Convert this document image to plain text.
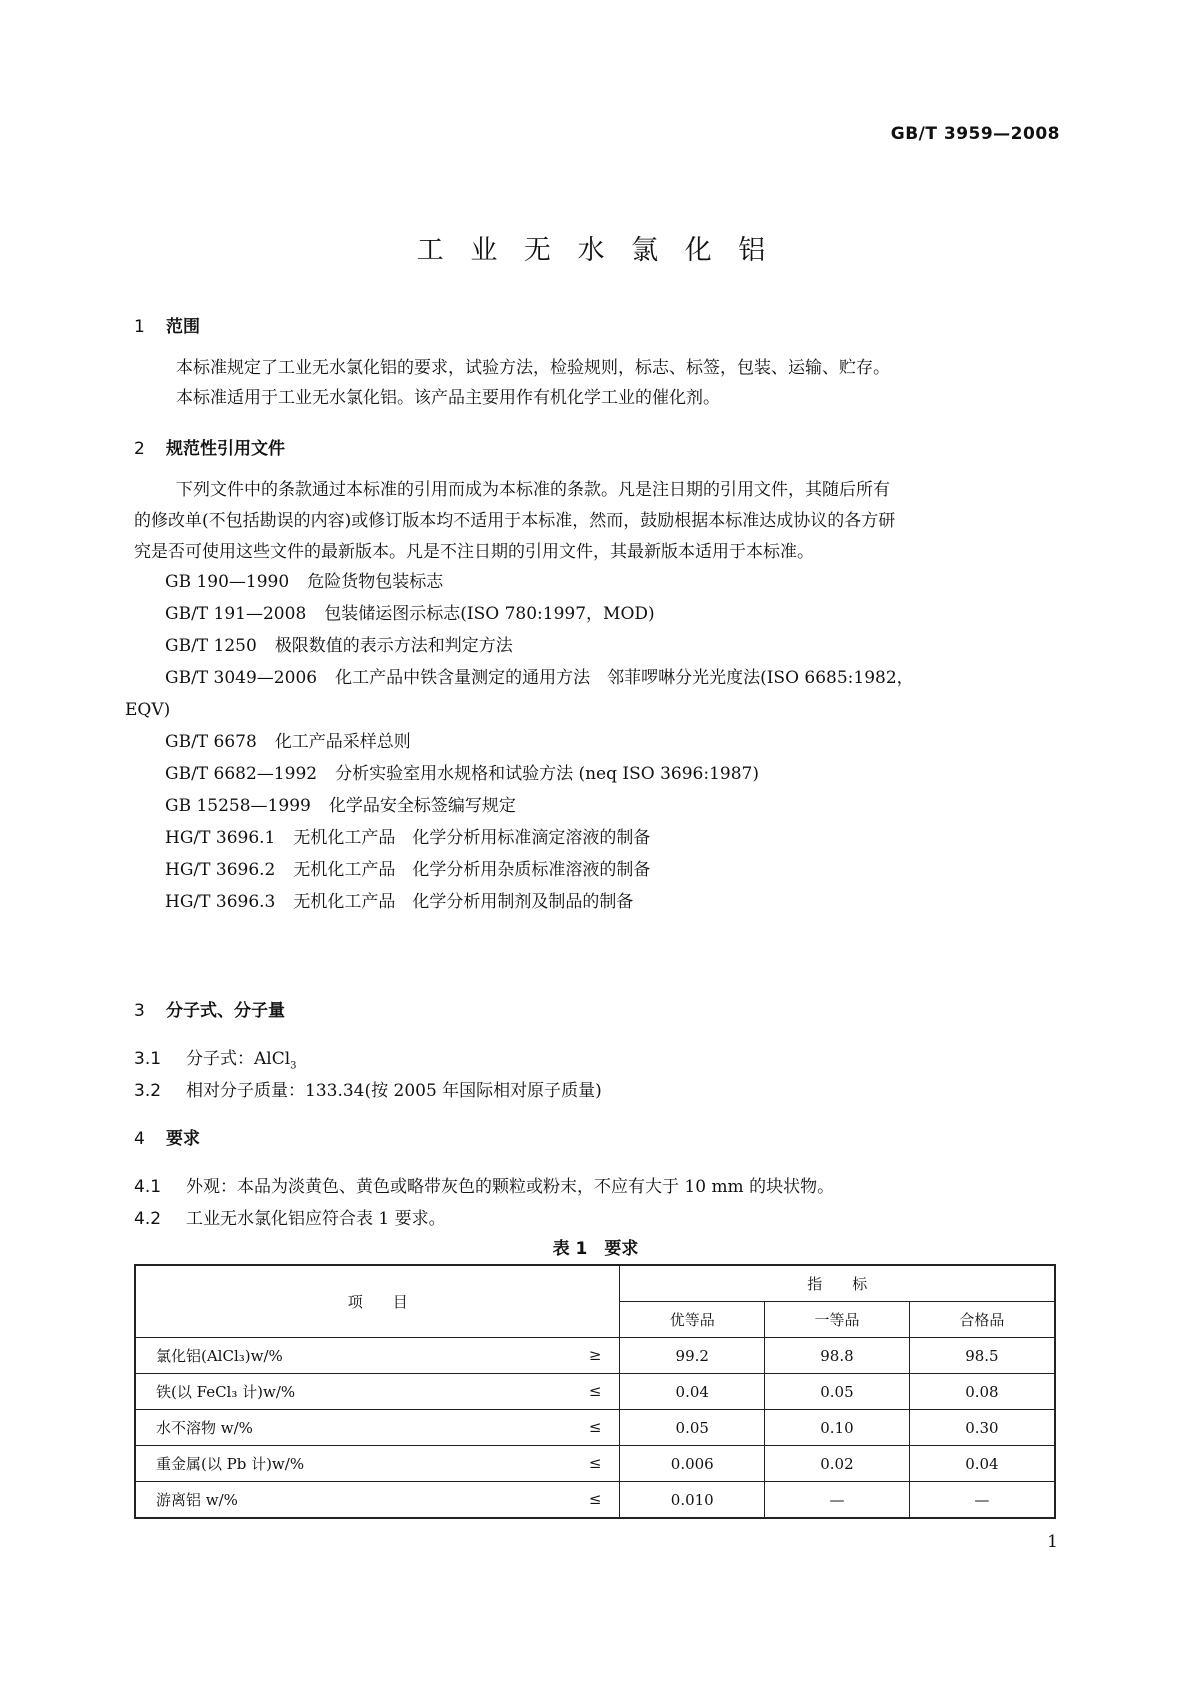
GB/T 3959—2008
工 业 无 水 氯 化 铝
1 范围
本标准规定了工业无水氯化铝的要求，试验方法，检验规则，标志、标签，包装、运输、贮存。
本标准适用于工业无水氯化铝。该产品主要用作有机化学工业的催化剂。
2 规范性引用文件
下列文件中的条款通过本标准的引用而成为本标准的条款。凡是注日期的引用文件，其随后所有
的修改单(不包括勘误的内容)或修订版本均不适用于本标准，然而，鼓励根据本标准达成协议的各方研
究是否可使用这些文件的最新版本。凡是不注日期的引用文件，其最新版本适用于本标准。
GB 190—1990 危险货物包装标志
GB/T 191—2008 包装储运图示标志(ISO 780:1997，MOD)
GB/T 1250 极限数值的表示方法和判定方法
GB/T 3049—2006 化工产品中铁含量测定的通用方法　邻菲啰啉分光光度法(ISO 6685:1982，
EQV)
GB/T 6678 化工产品采样总则
GB/T 6682—1992 分析实验室用水规格和试验方法 (neq ISO 3696:1987)
GB 15258—1999 化学品安全标签编写规定
HG/T 3696.1 无机化工产品　化学分析用标准滴定溶液的制备
HG/T 3696.2 无机化工产品　化学分析用杂质标准溶液的制备
HG/T 3696.3 无机化工产品　化学分析用制剂及制品的制备
3 分子式、分子量
3.1 分子式：AlCl$_3$
3.2 相对分子质量：133.34(按 2005 年国际相对原子质量)
4 要求
4.1 外观：本品为淡黄色、黄色或略带灰色的颗粒或粉末，不应有大于 10 mm 的块状物。
4.2 工业无水氯化铝应符合表 1 要求。
表 1　要求
项　　目	指　　标		
	优等品	一等品	合格品
氯化铝(AlCl₃)w/% ≥	99.2	98.8	98.5
铁(以 FeCl₃ 计)w/% ≤	0.04	0.05	0.08
水不溶物 w/% ≤	0.05	0.10	0.30
重金属(以 Pb 计)w/% ≤	0.006	0.02	0.04
游离铝 w/% ≤	0.010	—	—
1
